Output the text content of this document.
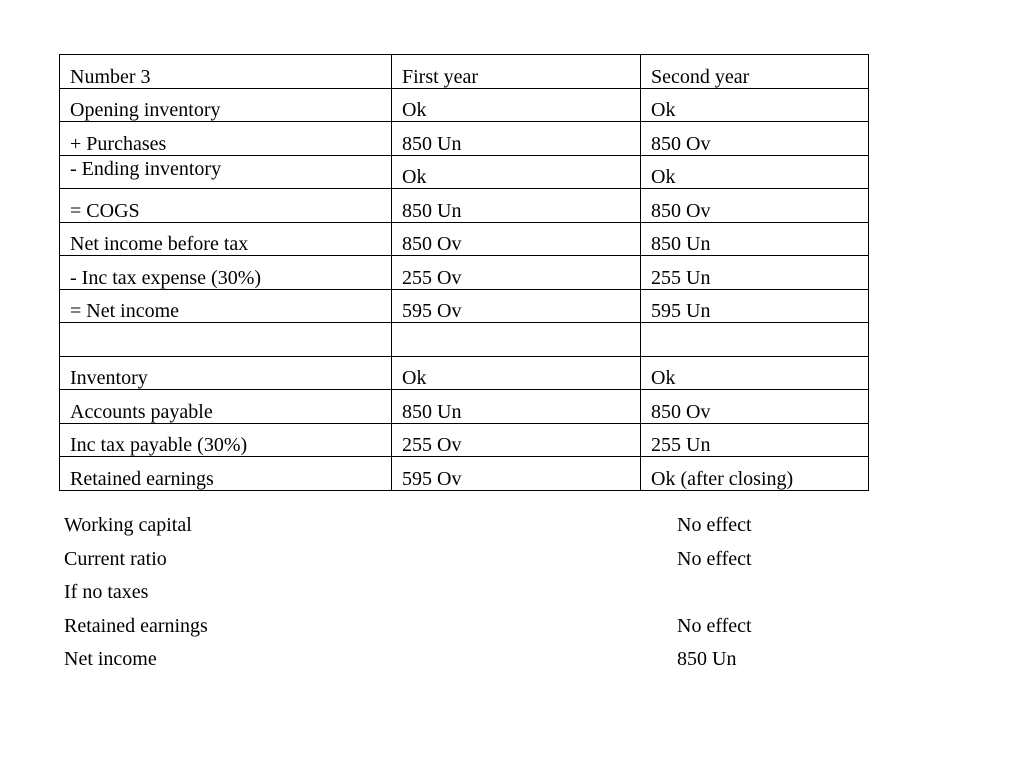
Number 3	First year	Second year
Opening inventory	Ok	Ok
+ Purchases	850 Un	850 Ov
- Ending inventory	Ok	Ok
= COGS	850 Un	850 Ov
Net income before tax	850 Ov	850 Un
- Inc tax expense (30%)	255 Ov	255 Un
= Net income	595 Ov	595 Un

Inventory	Ok	Ok
Accounts payable	850 Un	850 Ov
Inc tax payable (30%)	255 Ov	255 Un
Retained earnings	595 Ov	Ok (after closing)
Working capital	No effect
Current ratio	No effect
If no taxes
Retained earnings	No effect
Net income	850 Un
